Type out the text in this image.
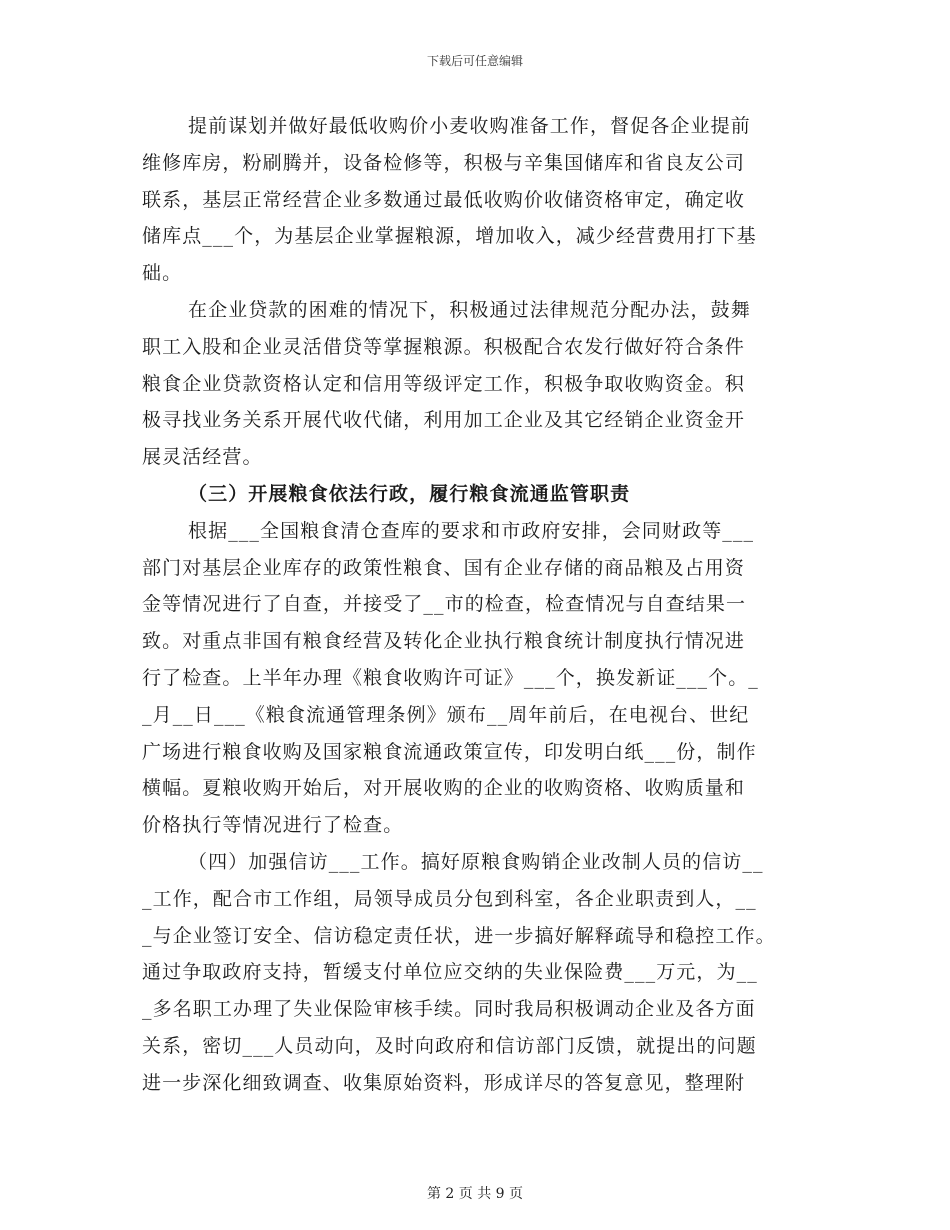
下载后可任意编辑
提前谋划并做好最低收购价小麦收购准备工作，督促各企业提前
维修库房，粉刷腾并，设备检修等，积极与辛集国储库和省良友公司
联系，基层正常经营企业多数通过最低收购价收储资格审定，确定收
储库点___个，为基层企业掌握粮源，增加收入，减少经营费用打下基
础。
在企业贷款的困难的情况下，积极通过法律规范分配办法，鼓舞
职工入股和企业灵活借贷等掌握粮源。积极配合农发行做好符合条件
粮食企业贷款资格认定和信用等级评定工作，积极争取收购资金。积
极寻找业务关系开展代收代储，利用加工企业及其它经销企业资金开
展灵活经营。
（三）开展粮食依法行政，履行粮食流通监管职责
根据___全国粮食清仓查库的要求和市政府安排，会同财政等___
部门对基层企业库存的政策性粮食、国有企业存储的商品粮及占用资
金等情况进行了自查，并接受了__市的检查，检查情况与自查结果一
致。对重点非国有粮食经营及转化企业执行粮食统计制度执行情况进
行了检查。上半年办理《粮食收购许可证》___个，换发新证___个。_
_月__日___《粮食流通管理条例》颁布__周年前后，在电视台、世纪
广场进行粮食收购及国家粮食流通政策宣传，印发明白纸___份，制作
横幅。夏粮收购开始后，对开展收购的企业的收购资格、收购质量和
价格执行等情况进行了检查。
（四）加强信访___工作。搞好原粮食购销企业改制人员的信访__
_工作，配合市工作组，局领导成员分包到科室，各企业职责到人，__
_与企业签订安全、信访稳定责任状，进一步搞好解释疏导和稳控工作。
通过争取政府支持，暂缓支付单位应交纳的失业保险费___万元，为__
_多名职工办理了失业保险审核手续。同时我局积极调动企业及各方面
关系，密切___人员动向，及时向政府和信访部门反馈，就提出的问题
进一步深化细致调查、收集原始资料，形成详尽的答复意见，整理附
第 2 页 共 9 页
